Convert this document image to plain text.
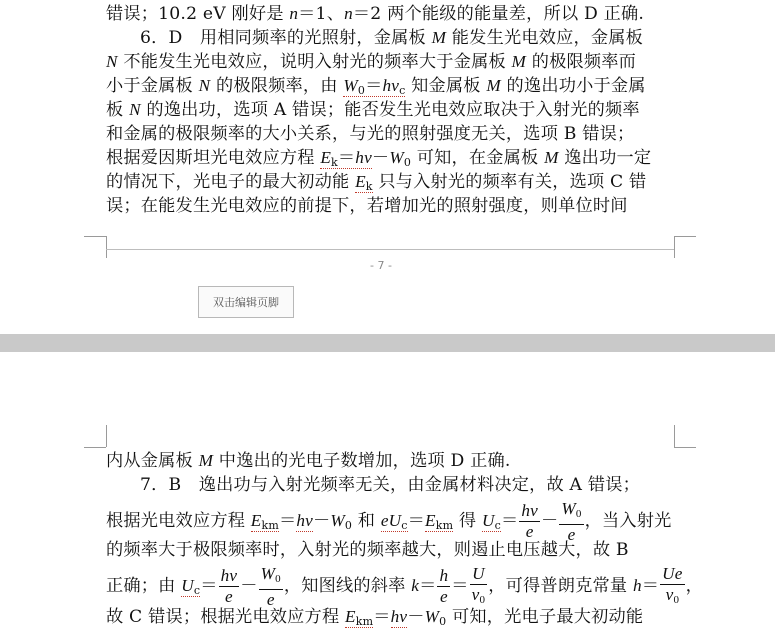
错误；10.2 eV 刚好是 n＝1、n＝2 两个能级的能量差，所以 D 正确.
6．D　用相同频率的光照射，金属板 M 能发生光电效应，金属板
N 不能发生光电效应，说明入射光的频率大于金属板 M 的极限频率而
小于金属板 N 的极限频率，由 $W_0=h\nu_c$ 知金属板 M 的逸出功小于金属
板 N 的逸出功，选项 A 错误；能否发生光电效应取决于入射光的频率
和金属的极限频率的大小关系，与光的照射强度无关，选项 B 错误；
根据爱因斯坦光电效应方程 $E_k=h\nu-W_0$ 可知，在金属板 M 逸出功一定
的情况下，光电子的最大初动能 $E_k$ 只与入射光的频率有关，选项 C 错
误；在能发生光电效应的前提下，若增加光的照射强度，则单位时间
- 7 -
双击编辑页脚
内从金属板 M 中逸出的光电子数增加，选项 D 正确.
7．B　逸出功与入射光频率无关，由金属材料决定，故 A 错误；
根据光电效应方程 $E_{km}=h\nu-W_0$ 和 $eU_c=E_{km}$ 得 $U_c= \frac{h\nu}{e} - \frac{W_0}{e}$ ，当入射光
的频率大于极限频率时，入射光的频率越大，则遏止电压越大，故 B
正确；由 $U_c= \frac{h\nu}{e} - \frac{W_0}{e}$ ，知图线的斜率 $k= \frac{h}{e} = \frac{U}{\nu_0}$ ，可得普朗克常量 $h= \frac{Ue}{\nu_0}$ ，
故 C 错误；根据光电效应方程 $E_{km}=h\nu-W_0$ 可知，光电子最大初动能
